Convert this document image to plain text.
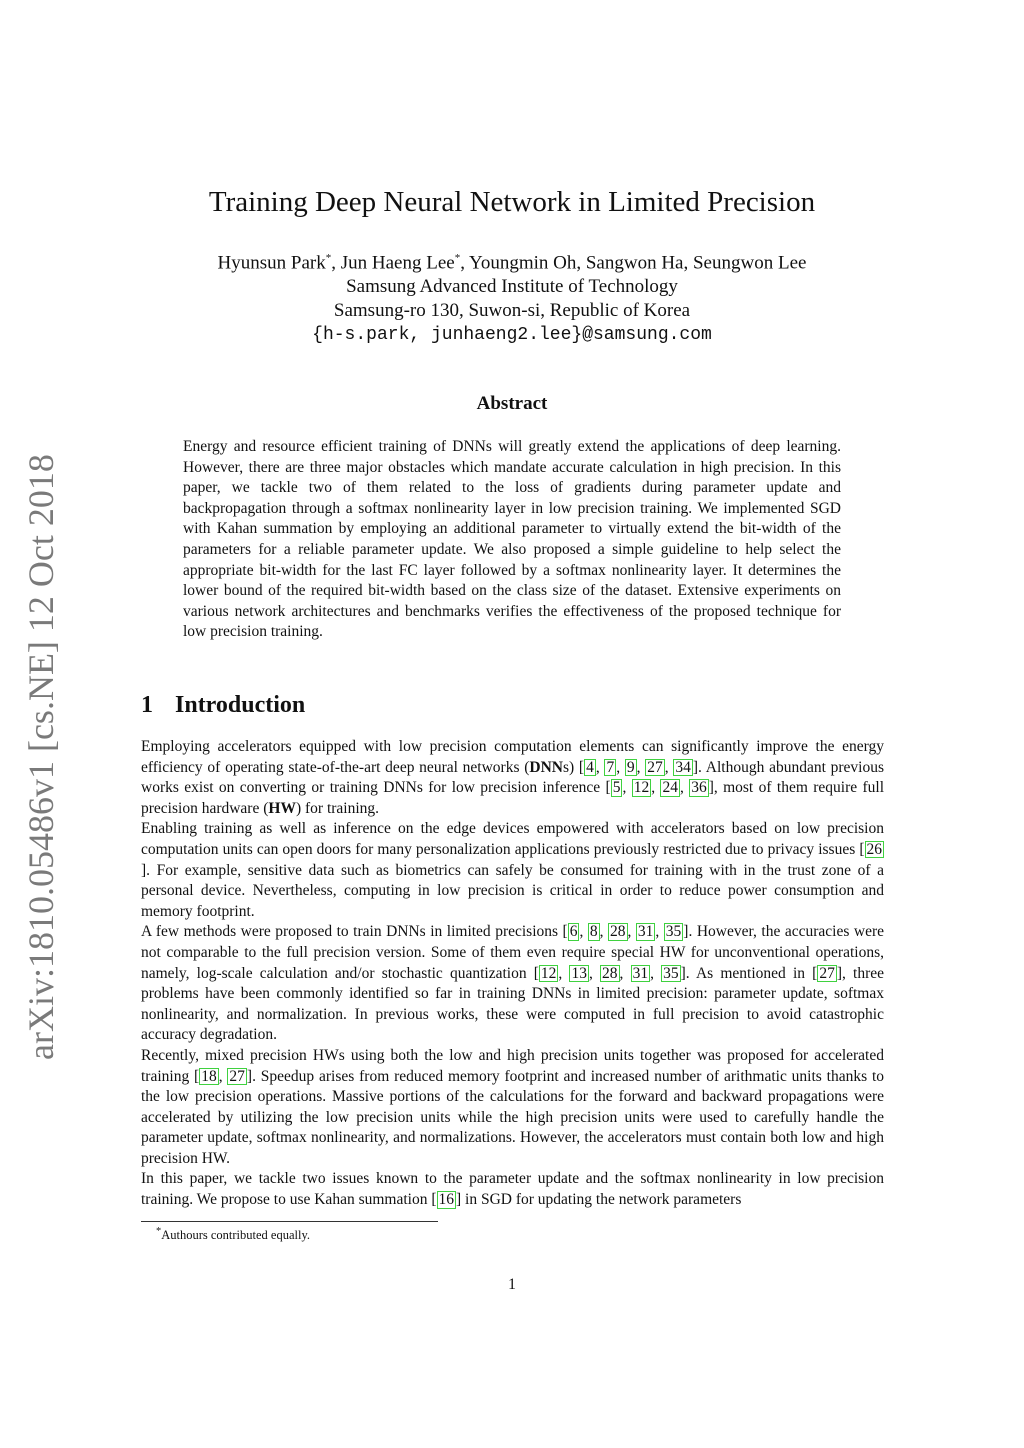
arXiv:1810.05486v1 [cs.NE] 12 Oct 2018
Training Deep Neural Network in Limited Precision
Hyunsun Park*, Jun Haeng Lee*, Youngmin Oh, Sangwon Ha, Seungwon Lee
Samsung Advanced Institute of Technology
Samsung-ro 130, Suwon-si, Republic of Korea
{h-s.park, junhaeng2.lee}@samsung.com
Abstract

Energy and resource efficient training of DNNs will greatly extend the applications of deep learning. However, there are three major obstacles which mandate accurate calculation in high precision. In this paper, we tackle two of them related to the loss of gradients during parameter update and backpropagation through a softmax nonlinearity layer in low precision training. We implemented SGD with Kahan summation by employing an additional parameter to virtually extend the bit-width of the parameters for a reliable parameter update. We also proposed a simple guideline to help select the appropriate bit-width for the last FC layer followed by a softmax nonlinearity layer. It determines the lower bound of the required bit-width based on the class size of the dataset. Extensive experiments on various network architectures and benchmarks verifies the effectiveness of the proposed technique for low precision training.

1 Introduction

Employing accelerators equipped with low precision computation elements can significantly improve the energy efficiency of operating state-of-the-art deep neural networks (DNNs) [ 4 , 7 , 9 , 27 , 34 ]. Although abundant previous works exist on converting or training DNNs for low precision inference [ 5 , 12 , 24 , 36 ], most of them require full precision hardware (HW) for training.

Enabling training as well as inference on the edge devices empowered with accelerators based on low precision computation units can open doors for many personalization applications previously restricted due to privacy issues [ 26]. For example, sensitive data such as biometrics can safely be consumed for training with in the trust zone of a personal device. Nevertheless, computing in low precision is critical in order to reduce power consumption and memory footprint.

A few methods were proposed to train DNNs in limited precisions [ 6 , 8 , 28 , 31 , 35 ]. However, the accuracies were not comparable to the full precision version. Some of them even require special HW for unconventional operations, namely, log-scale calculation and/or stochastic quantization [ 12 , 13 , 28 , 31 , 35 ]. As mentioned in [ 27 ], three problems have been commonly identified so far in training DNNs in limited precision: parameter update, softmax nonlinearity, and normalization. In previous works, these were computed in full precision to avoid catastrophic accuracy degradation.

Recently, mixed precision HWs using both the low and high precision units together was proposed for accelerated training [ 18 , 27 ]. Speedup arises from reduced memory footprint and increased number of arithmatic units thanks to the low precision operations. Massive portions of the calculations for the forward and backward propagations were accelerated by utilizing the low precision units while the high precision units were used to carefully handle the parameter update, softmax nonlinearity, and normalizations. However, the accelerators must contain both low and high precision HW.

In this paper, we tackle two issues known to the parameter update and the softmax nonlinearity in low precision training. We propose to use Kahan summation [ 16 ] in SGD for updating the network parameters

*Authours contributed equally.
1
